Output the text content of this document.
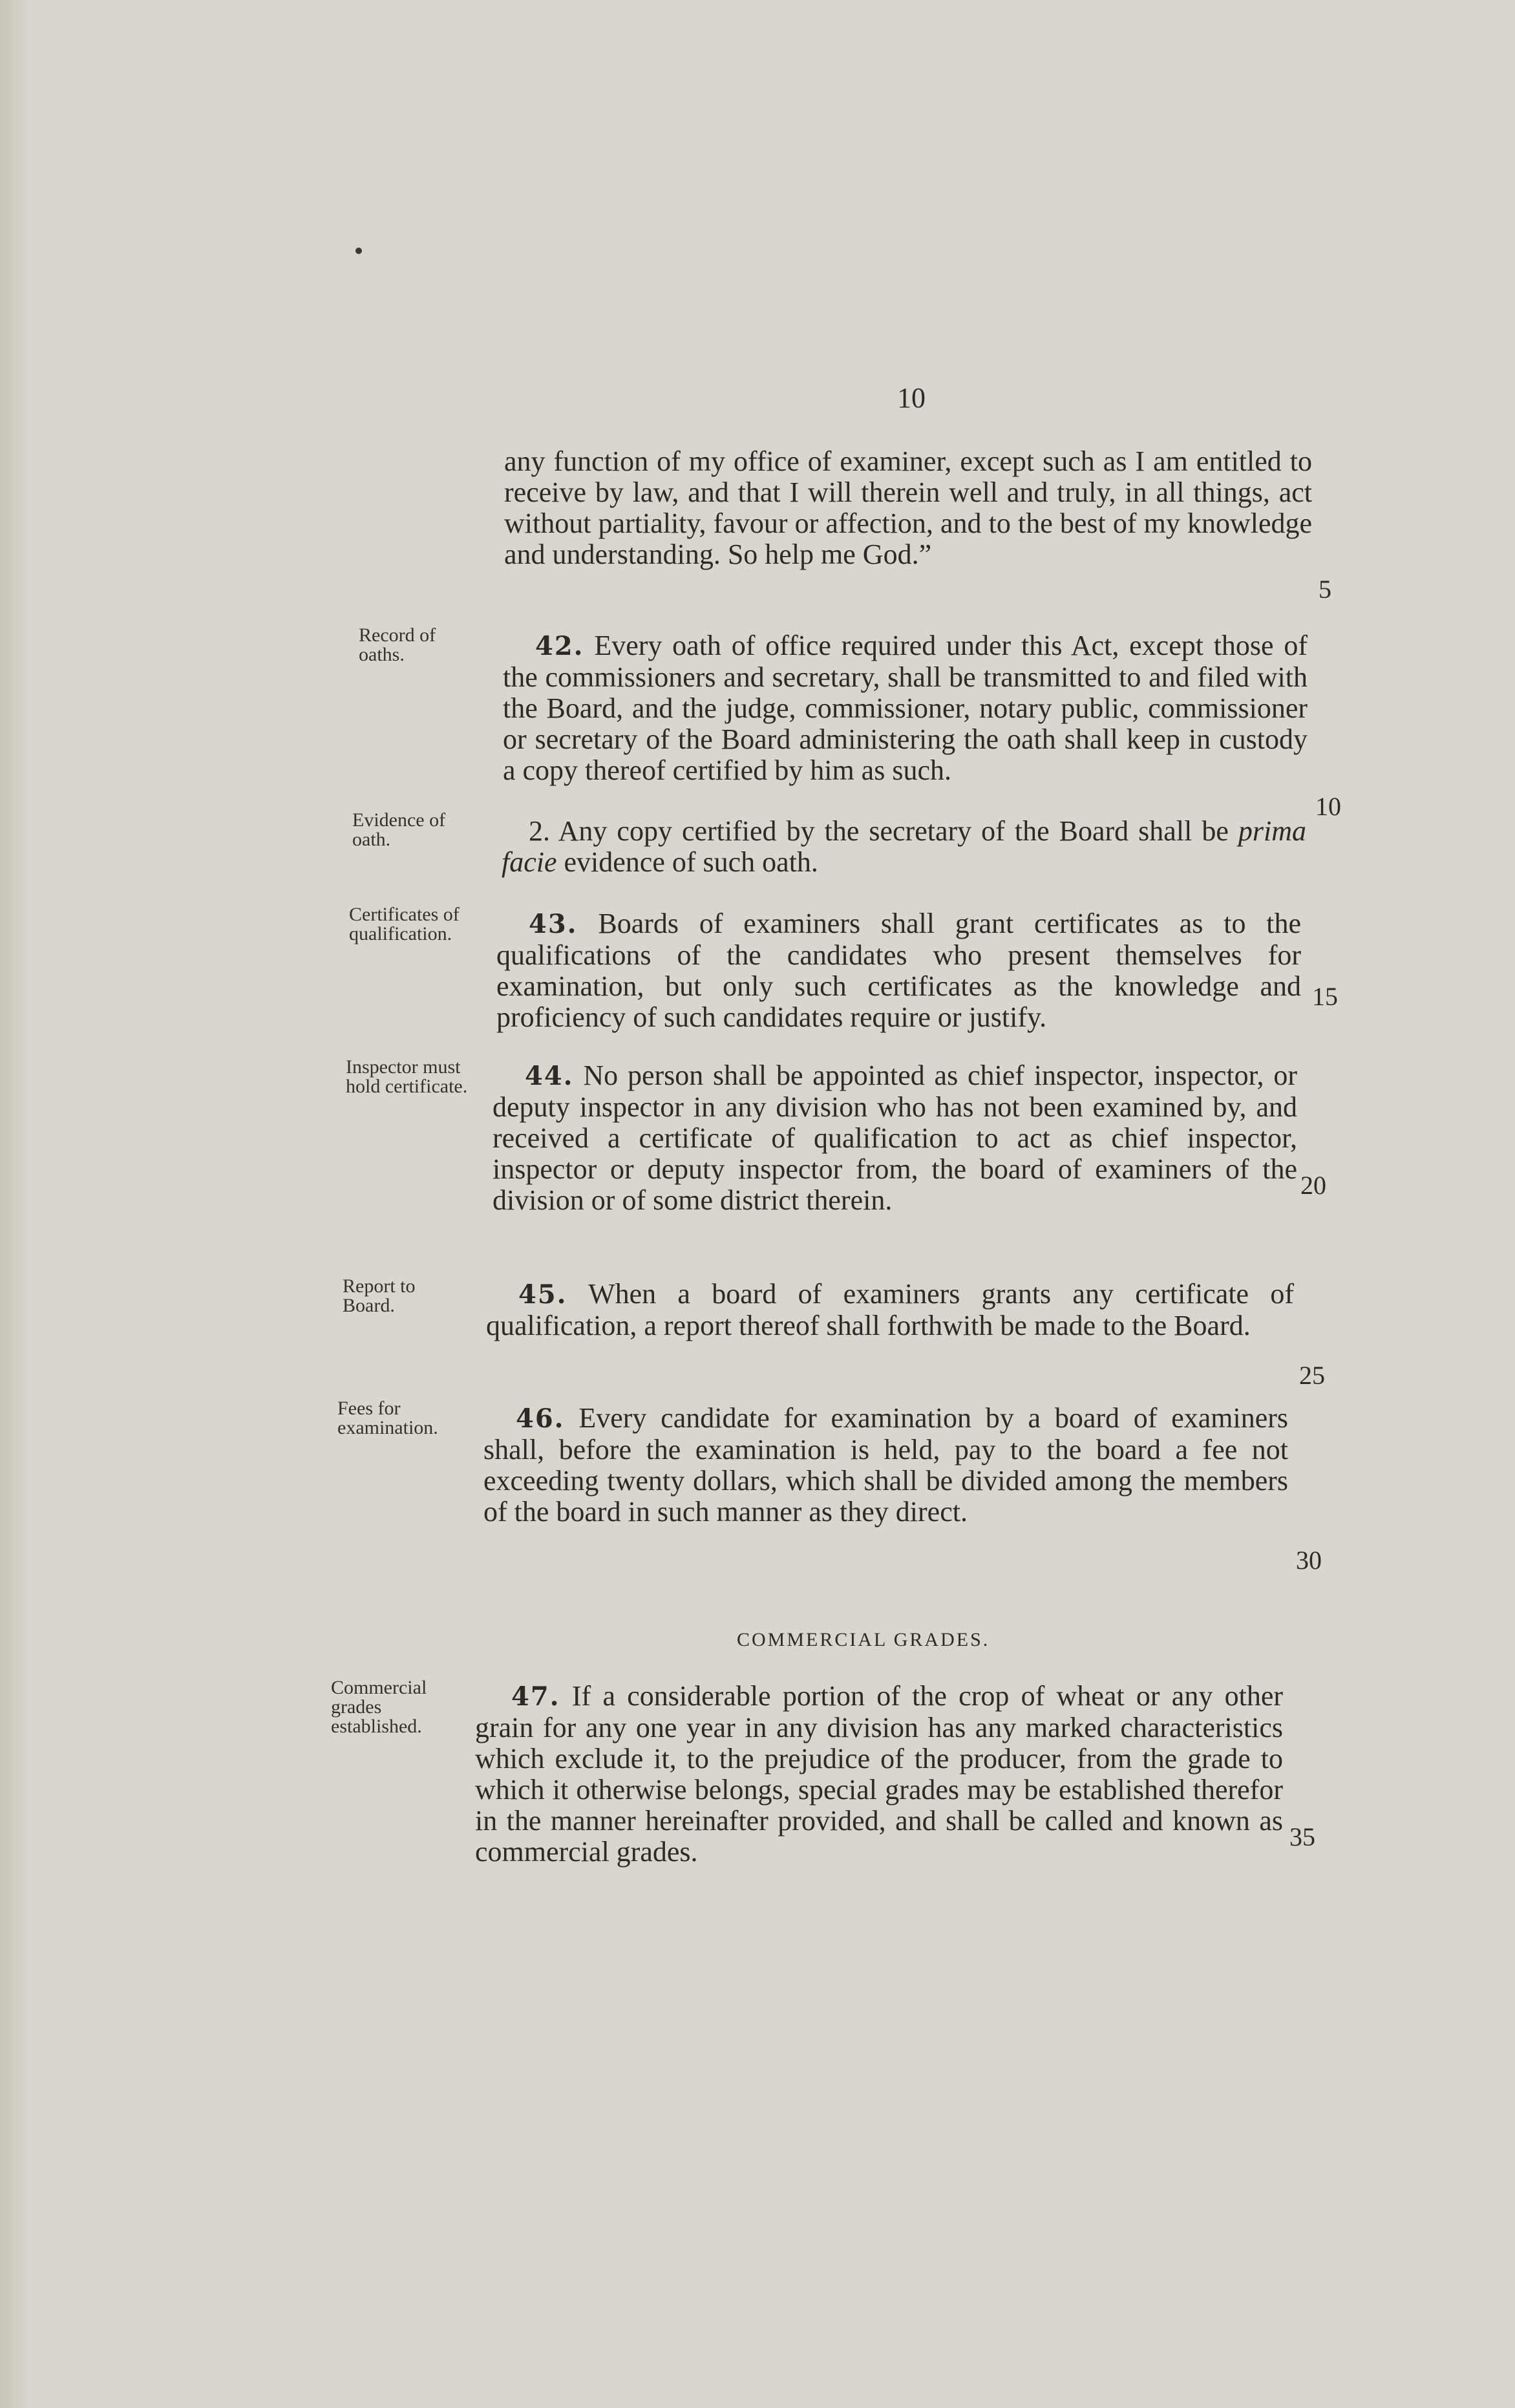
10
any function of my office of examiner, except such as I am entitled to receive by law, and that I will therein well and truly, in all things, act without partiality, favour or affection, and to the best of my knowledge and understanding. So help me God.”
Record of oaths.	42. Every oath of office required under this Act, except those of the commissioners and secretary, shall be transmitted to and filed with the Board, and the judge, commissioner, notary public, commissioner or secretary of the Board administering the oath shall keep in custody a copy thereof certified by him as such.
Evidence of oath.	2. Any copy certified by the secretary of the Board shall be prima facie evidence of such oath.
Certificates of qualification.	43. Boards of examiners shall grant certificates as to the qualifications of the candidates who present themselves for examination, but only such certificates as the knowledge and proficiency of such candidates require or justify.
Inspector must hold certificate.	44. No person shall be appointed as chief inspector, inspector, or deputy inspector in any division who has not been examined by, and received a certificate of qualification to act as chief inspector, inspector or deputy inspector from, the board of examiners of the division or of some district therein.
Report to Board.	45. When a board of examiners grants any certificate of qualification, a report thereof shall forthwith be made to the Board.
Fees for examination.	46. Every candidate for examination by a board of examiners shall, before the examination is held, pay to the board a fee not exceeding twenty dollars, which shall be divided among the members of the board in such manner as they direct.
COMMERCIAL GRADES.
Commercial grades established.
47. If a considerable portion of the crop of wheat or any other grain for any one year in any division has any marked characteristics which exclude it, to the prejudice of the producer, from the grade to which it otherwise belongs, special grades may be established therefor in the manner hereinafter provided, and shall be called and known as commercial grades.
5
10
15
20
25
30
35
